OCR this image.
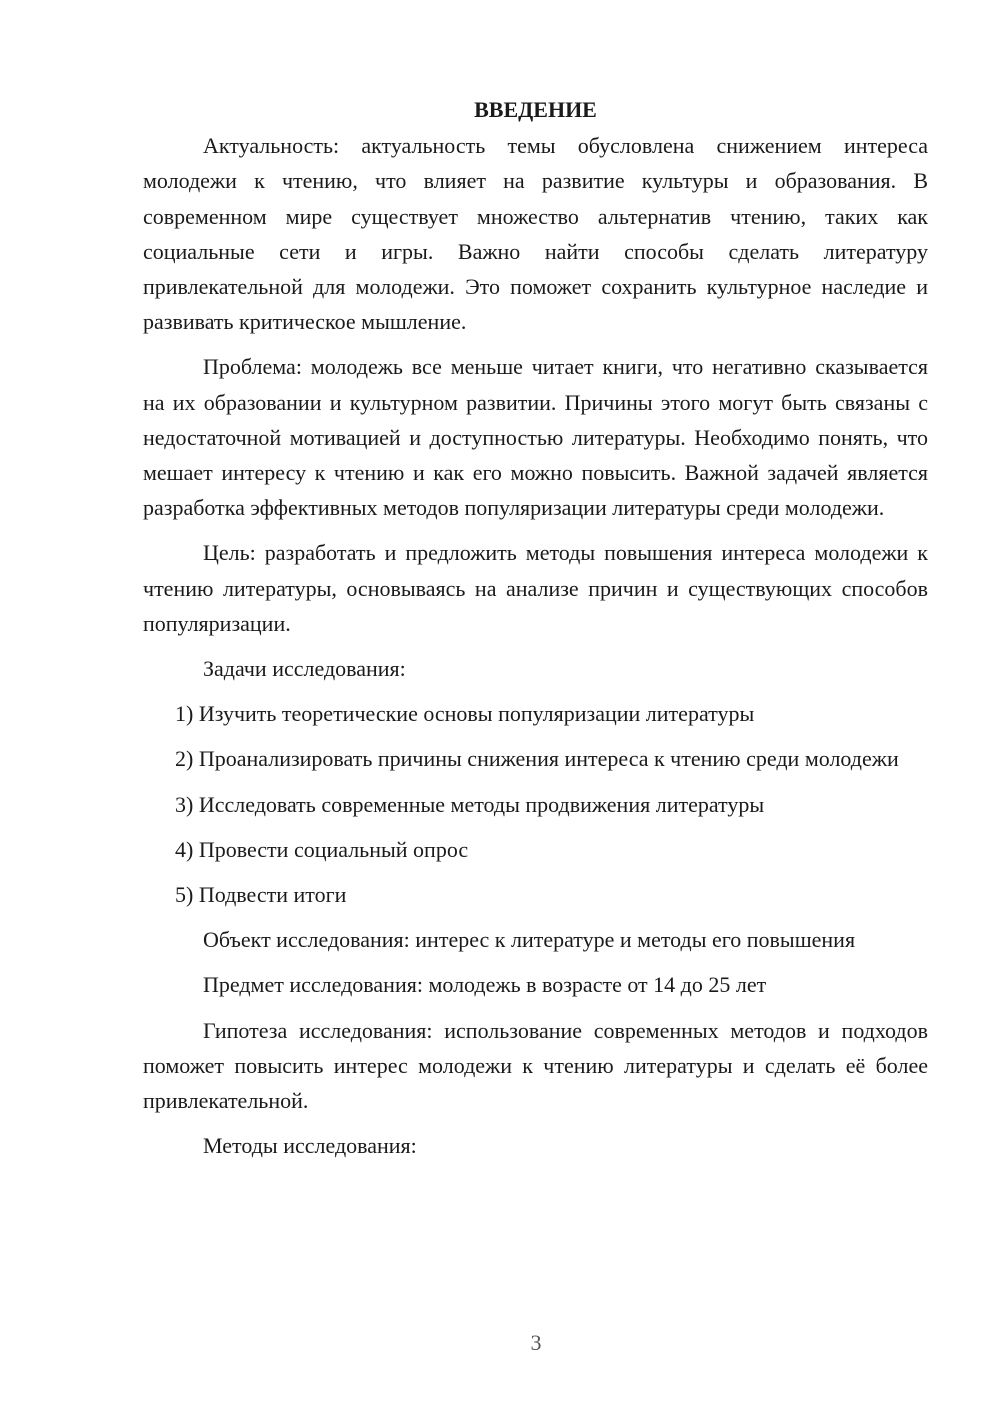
ВВЕДЕНИЕ

Актуальность: актуальность темы обусловлена снижением интереса молодежи к чтению, что влияет на развитие культуры и образования. В современном мире существует множество альтернатив чтению, таких как социальные сети и игры. Важно найти способы сделать литературу привлекательной для молодежи. Это поможет сохранить культурное наследие и развивать критическое мышление.

Проблема: молодежь все меньше читает книги, что негативно сказывается на их образовании и культурном развитии. Причины этого могут быть связаны с недостаточной мотивацией и доступностью литературы. Необходимо понять, что мешает интересу к чтению и как его можно повысить. Важной задачей является разработка эффективных методов популяризации литературы среди молодежи.

Цель: разработать и предложить методы повышения интереса молодежи к чтению литературы, основываясь на анализе причин и существующих способов популяризации.

Задачи исследования:

1) Изучить теоретические основы популяризации литературы

2) Проанализировать причины снижения интереса к чтению среди молодежи

3) Исследовать современные методы продвижения литературы

4) Провести социальный опрос

5) Подвести итоги

Объект исследования: интерес к литературе и методы его повышения

Предмет исследования: молодежь в возрасте от 14 до 25 лет

Гипотеза исследования: использование современных методов и подходов поможет повысить интерес молодежи к чтению литературы и сделать её более привлекательной.

Методы исследования:

3
